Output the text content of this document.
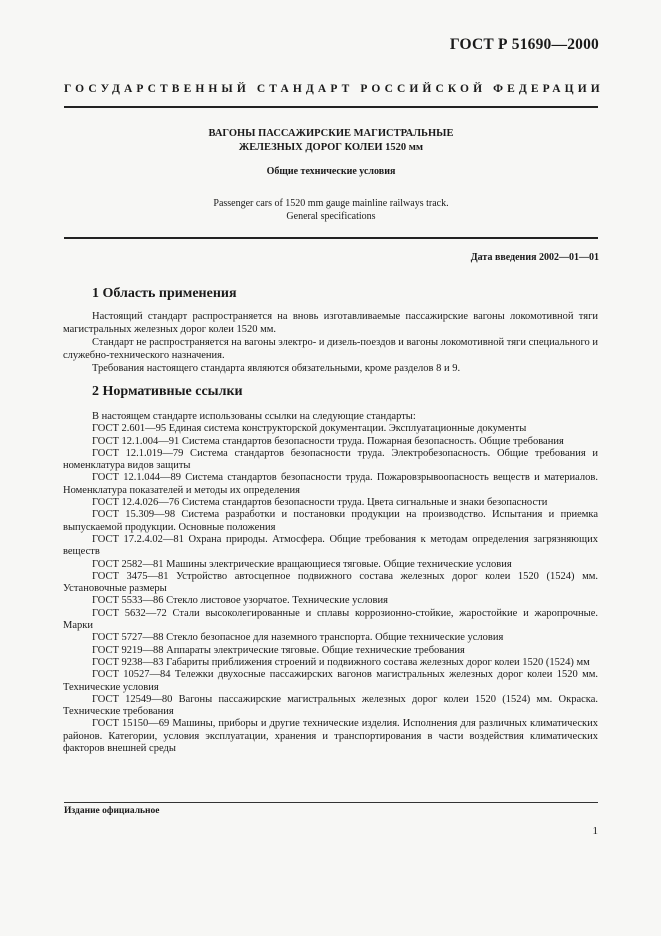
ГОСТ Р 51690—2000
ГОСУДАРСТВЕННЫЙ СТАНДАРТ РОССИЙСКОЙ ФЕДЕРАЦИИ
ВАГОНЫ ПАССАЖИРСКИЕ МАГИСТРАЛЬНЫЕ
ЖЕЛЕЗНЫХ ДОРОГ КОЛЕИ 1520 мм
Общие технические условия
Passenger cars of 1520 mm gauge mainline railways track.
General specifications
Дата введения 2002—01—01
1 Область применения
Настоящий стандарт распространяется на вновь изготавливаемые пассажирские вагоны локомотивной тяги магистральных железных дорог колеи 1520 мм.
Стандарт не распространяется на вагоны электро- и дизель-поездов и вагоны локомотивной тяги специального и служебно-технического назначения.
Требования настоящего стандарта являются обязательными, кроме разделов 8 и 9.
2 Нормативные ссылки
В настоящем стандарте использованы ссылки на следующие стандарты:
ГОСТ 2.601—95 Единая система конструкторской документации. Эксплуатационные документы
ГОСТ 12.1.004—91 Система стандартов безопасности труда. Пожарная безопасность. Общие требования
ГОСТ 12.1.019—79 Система стандартов безопасности труда. Электробезопасность. Общие требования и номенклатура видов защиты
ГОСТ 12.1.044—89 Система стандартов безопасности труда. Пожаровзрывоопасность веществ и материалов. Номенклатура показателей и методы их определения
ГОСТ 12.4.026—76 Система стандартов безопасности труда. Цвета сигнальные и знаки безопасности
ГОСТ 15.309—98 Система разработки и постановки продукции на производство. Испытания и приемка выпускаемой продукции. Основные положения
ГОСТ 17.2.4.02—81 Охрана природы. Атмосфера. Общие требования к методам определения загрязняющих веществ
ГОСТ 2582—81 Машины электрические вращающиеся тяговые. Общие технические условия
ГОСТ 3475—81 Устройство автосцепное подвижного состава железных дорог колеи 1520 (1524) мм. Установочные размеры
ГОСТ 5533—86 Стекло листовое узорчатое. Технические условия
ГОСТ 5632—72 Стали высоколегированные и сплавы коррозионно-стойкие, жаростойкие и жаропрочные. Марки
ГОСТ 5727—88 Стекло безопасное для наземного транспорта. Общие технические условия
ГОСТ 9219—88 Аппараты электрические тяговые. Общие технические требования
ГОСТ 9238—83 Габариты приближения строений и подвижного состава железных дорог колеи 1520 (1524) мм
ГОСТ 10527—84 Тележки двухосные пассажирских вагонов магистральных железных дорог колеи 1520 мм. Технические условия
ГОСТ 12549—80 Вагоны пассажирские магистральных железных дорог колеи 1520 (1524) мм. Окраска. Технические требования
ГОСТ 15150—69 Машины, приборы и другие технические изделия. Исполнения для различных климатических районов. Категории, условия эксплуатации, хранения и транспортирования в части воздействия климатических факторов внешней среды
Издание официальное
1
